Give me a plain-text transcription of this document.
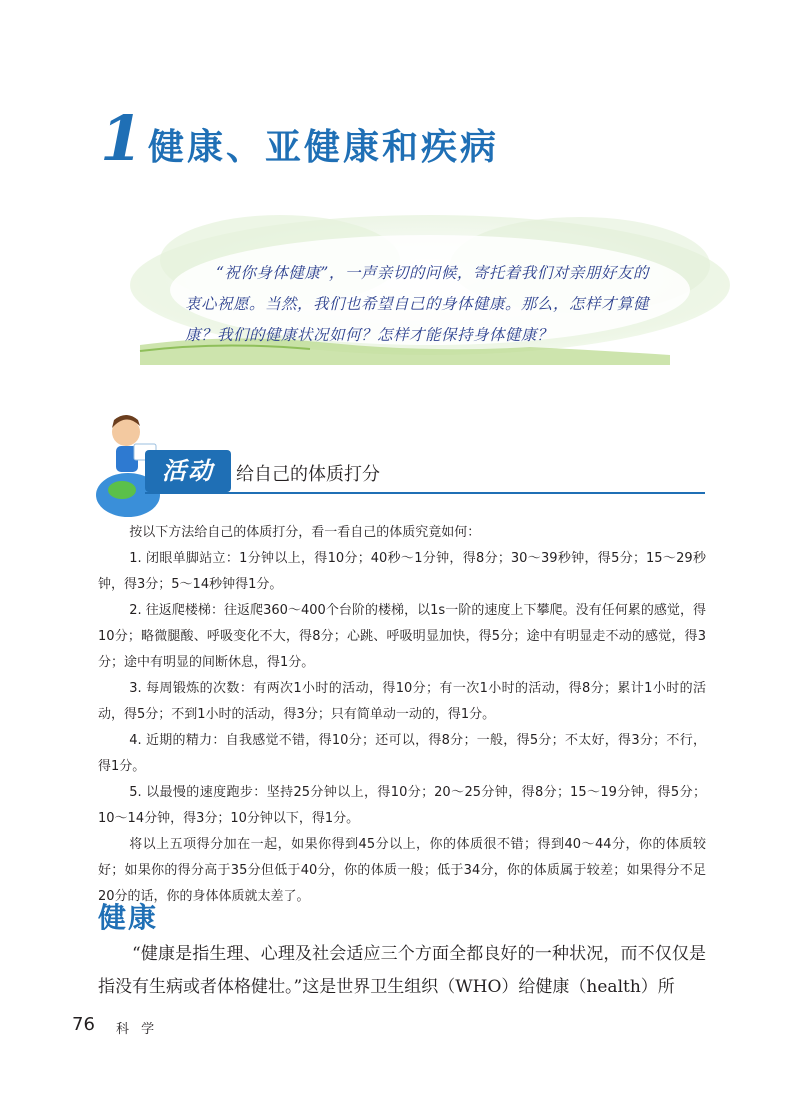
1 健康、亚健康和疾病
“祝你身体健康”，一声亲切的问候，寄托着我们对亲朋好友的衷心祝愿。当然，我们也希望自己的身体健康。那么，怎样才算健康？我们的健康状况如何？怎样才能保持身体健康？
活动	给自己的体质打分

按以下方法给自己的体质打分，看一看自己的体质究竟如何：

1. 闭眼单脚站立：1分钟以上，得10分；40秒～1分钟，得8分；30～39秒钟，得5分；15～29秒钟，得3分；5～14秒钟得1分。

2. 往返爬楼梯：往返爬360～400个台阶的楼梯，以1s一阶的速度上下攀爬。没有任何累的感觉，得10分；略微腿酸、呼吸变化不大，得8分；心跳、呼吸明显加快，得5分；途中有明显走不动的感觉，得3分；途中有明显的间断休息，得1分。

3. 每周锻炼的次数：有两次1小时的活动，得10分；有一次1小时的活动，得8分；累计1小时的活动，得5分；不到1小时的活动，得3分；只有简单动一动的，得1分。

4. 近期的精力：自我感觉不错，得10分；还可以，得8分；一般，得5分；不太好，得3分；不行，得1分。

5. 以最慢的速度跑步：坚持25分钟以上，得10分；20～25分钟，得8分；15～19分钟，得5分；10～14分钟，得3分；10分钟以下，得1分。

将以上五项得分加在一起，如果你得到45分以上，你的体质很不错；得到40～44分，你的体质较好；如果你的得分高于35分但低于40分，你的体质一般；低于34分，你的体质属于较差；如果得分不足20分的话，你的身体体质就太差了。

健康
“健康是指生理、心理及社会适应三个方面全都良好的一种状况，而不仅仅是指没有生病或者体格健壮。”这是世界卫生组织（WHO）给健康（health）所
76 科 学
